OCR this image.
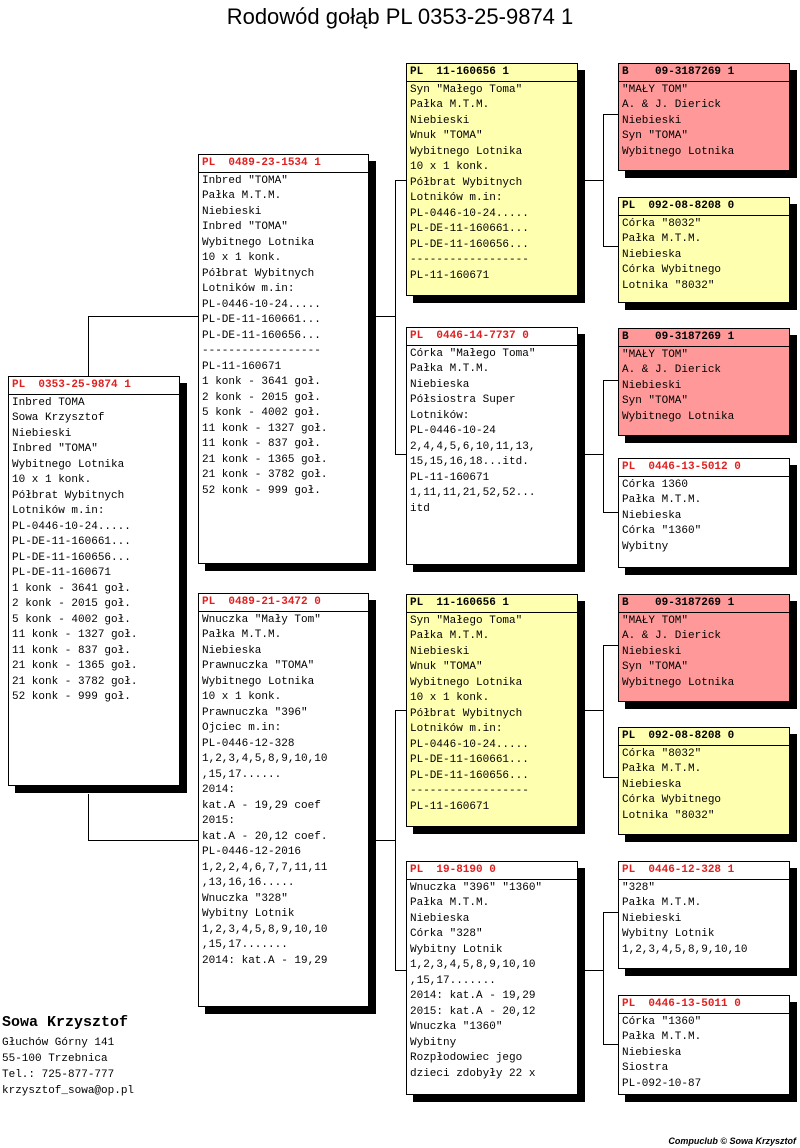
Rodowód gołąb PL 0353-25-9874 1
PL  0353-25-9874 1
Inbred TOMA
Sowa Krzysztof
Niebieski
Inbred "TOMA"
Wybitnego Lotnika
10 x 1 konk.
Półbrat Wybitnych
Lotników m.in:
PL-0446-10-24.....
PL-DE-11-160661...
PL-DE-11-160656...
PL-DE-11-160671
1 konk - 3641 goł.
2 konk - 2015 goł.
5 konk - 4002 goł.
11 konk - 1327 goł.
11 konk - 837 goł.
21 konk - 1365 goł.
21 konk - 3782 goł.
52 konk - 999 goł.
PL  0489-23-1534 1
Inbred "TOMA"
Pałka M.T.M.
Niebieski
Inbred "TOMA"
Wybitnego Lotnika
10 x 1 konk.
Półbrat Wybitnych
Lotników m.in:
PL-0446-10-24.....
PL-DE-11-160661...
PL-DE-11-160656...
------------------
PL-11-160671
1 konk - 3641 goł.
2 konk - 2015 goł.
5 konk - 4002 goł.
11 konk - 1327 goł.
11 konk - 837 goł.
21 konk - 1365 goł.
21 konk - 3782 goł.
52 konk - 999 goł.
PL  0489-21-3472 0
Wnuczka "Mały Tom"
Pałka M.T.M.
Niebieska
Prawnuczka "TOMA"
Wybitnego Lotnika
10 x 1 konk.
Prawnuczka "396"
Ojciec m.in:
PL-0446-12-328
1,2,3,4,5,8,9,10,10
,15,17......
2014:
kat.A - 19,29 coef
2015:
kat.A - 20,12 coef.
PL-0446-12-2016
1,2,2,4,6,7,7,11,11
,13,16,16.....
Wnuczka "328"
Wybitny Lotnik
1,2,3,4,5,8,9,10,10
,15,17.......
2014: kat.A - 19,29
PL  11-160656 1
Syn "Małego Toma"
Pałka M.T.M.
Niebieski
Wnuk "TOMA"
Wybitnego Lotnika
10 x 1 konk.
Półbrat Wybitnych
Lotników m.in:
PL-0446-10-24.....
PL-DE-11-160661...
PL-DE-11-160656...
------------------
PL-11-160671
PL  0446-14-7737 0
Córka "Małego Toma"
Pałka M.T.M.
Niebieska
Półsiostra Super
Lotników:
PL-0446-10-24
2,4,4,5,6,10,11,13,
15,15,16,18...itd.
PL-11-160671
1,11,11,21,52,52...
itd
PL  11-160656 1
Syn "Małego Toma"
Pałka M.T.M.
Niebieski
Wnuk "TOMA"
Wybitnego Lotnika
10 x 1 konk.
Półbrat Wybitnych
Lotników m.in:
PL-0446-10-24.....
PL-DE-11-160661...
PL-DE-11-160656...
------------------
PL-11-160671
PL  19-8190 0
Wnuczka "396" "1360"
Pałka M.T.M.
Niebieska
Córka "328"
Wybitny Lotnik
1,2,3,4,5,8,9,10,10
,15,17.......
2014: kat.A - 19,29
2015: kat.A - 20,12
Wnuczka "1360"
Wybitny
Rozpłodowiec jego
dzieci zdobyły 22 x
B    09-3187269 1
"MAŁY TOM"
A. & J. Dierick
Niebieski
Syn "TOMA"
Wybitnego Lotnika
PL  092-08-8208 0
Córka "8032"
Pałka M.T.M.
Niebieska
Córka Wybitnego
Lotnika "8032"
B    09-3187269 1
"MAŁY TOM"
A. & J. Dierick
Niebieski
Syn "TOMA"
Wybitnego Lotnika
PL  0446-13-5012 0
Córka 1360
Pałka M.T.M.
Niebieska
Córka "1360"
Wybitny
B    09-3187269 1
"MAŁY TOM"
A. & J. Dierick
Niebieski
Syn "TOMA"
Wybitnego Lotnika
PL  092-08-8208 0
Córka "8032"
Pałka M.T.M.
Niebieska
Córka Wybitnego
Lotnika "8032"
PL  0446-12-328 1
"328"
Pałka M.T.M.
Niebieski
Wybitny Lotnik
1,2,3,4,5,8,9,10,10
PL  0446-13-5011 0
Córka "1360"
Pałka M.T.M.
Niebieska
Siostra
PL-092-10-87
Sowa Krzysztof
Głuchów Górny 141
55-100 Trzebnica
Tel.: 725-877-777
krzysztof_sowa@op.pl
Compuclub © Sowa Krzysztof
